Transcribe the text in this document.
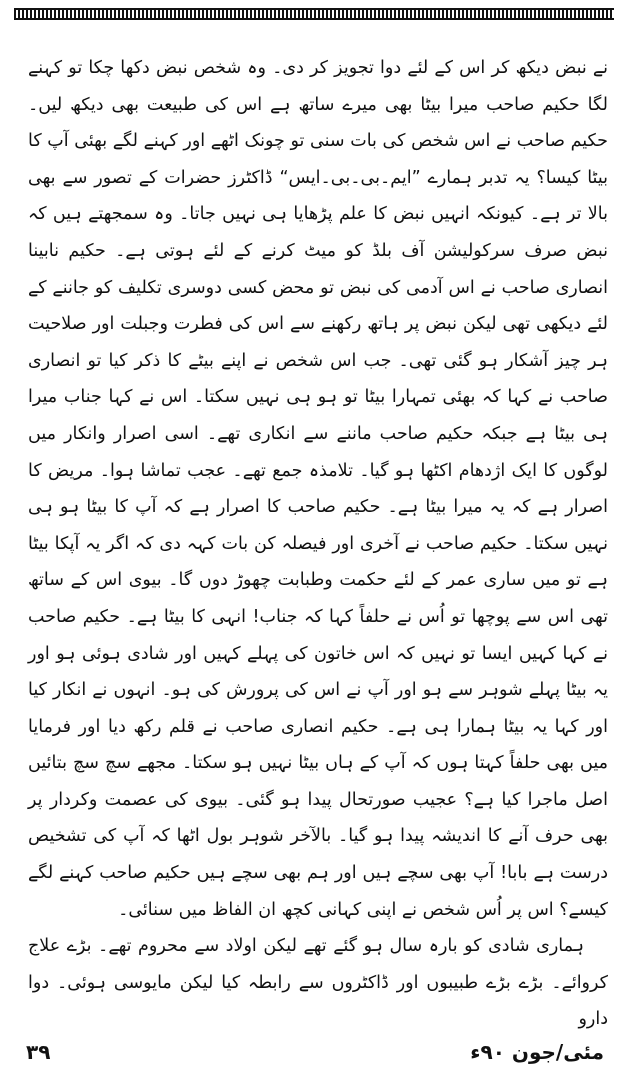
نے نبض دیکھ کر اس کے لئے دوا تجویز کر دی۔ وہ شخص نبض دکھا چکا تو کہنے لگا حکیم صاحب میرا بیٹا بھی میرے ساتھ ہے اس کی طبیعت بھی دیکھ لیں۔ حکیم صاحب نے اس شخص کی بات سنی تو چونک اٹھے اور کہنے لگے بھئی آپ کا بیٹا کیسا؟ یہ تدبر ہمارے ”ایم۔بی۔بی۔ایس“ ڈاکٹرز حضرات کے تصور سے بھی بالا تر ہے۔ کیونکہ انہیں نبض کا علم پڑھایا ہی نہیں جاتا۔ وہ سمجھتے ہیں کہ نبض صرف سرکولیشن آف بلڈ کو میٹ کرنے کے لئے ہوتی ہے۔ حکیم نابینا انصاری صاحب نے اس آدمی کی نبض تو محض کسی دوسری تکلیف کو جاننے کے لئے دیکھی تھی لیکن نبض پر ہاتھ رکھنے سے اس کی فطرت وجبلت اور صلاحیت ہر چیز آشکار ہو گئی تھی۔ جب اس شخص نے اپنے بیٹے کا ذکر کیا تو انصاری صاحب نے کہا کہ بھئی تمہارا بیٹا تو ہو ہی نہیں سکتا۔ اس نے کہا جناب میرا ہی بیٹا ہے جبکہ حکیم صاحب ماننے سے انکاری تھے۔ اسی اصرار وانکار میں لوگوں کا ایک اژدھام اکٹھا ہو گیا۔ تلامذہ جمع تھے۔ عجب تماشا ہوا۔ مریض کا اصرار ہے کہ یہ میرا بیٹا ہے۔ حکیم صاحب کا اصرار ہے کہ آپ کا بیٹا ہو ہی نہیں سکتا۔ حکیم صاحب نے آخری اور فیصلہ کن بات کہہ دی کہ اگر یہ آپکا بیٹا ہے تو میں ساری عمر کے لئے حکمت وطبابت چھوڑ دوں گا۔ بیوی اس کے ساتھ تھی اس سے پوچھا تو اُس نے حلفاً کہا کہ جناب! انہی کا بیٹا ہے۔ حکیم صاحب نے کہا کہیں ایسا تو نہیں کہ اس خاتون کی پہلے کہیں اور شادی ہوئی ہو اور یہ بیٹا پہلے شوہر سے ہو اور آپ نے اس کی پرورش کی ہو۔ انہوں نے انکار کیا اور کہا یہ بیٹا ہمارا ہی ہے۔ حکیم انصاری صاحب نے قلم رکھ دیا اور فرمایا میں بھی حلفاً کہتا ہوں کہ آپ کے ہاں بیٹا نہیں ہو سکتا۔ مجھے سچ سچ بتائیں اصل ماجرا کیا ہے؟ عجیب صورتحال پیدا ہو گئی۔ بیوی کی عصمت وکردار پر بھی حرف آنے کا اندیشہ پیدا ہو گیا۔ بالآخر شوہر بول اٹھا کہ آپ کی تشخیص درست ہے بابا! آپ بھی سچے ہیں اور ہم بھی سچے ہیں حکیم صاحب کہنے لگے کیسے؟ اس پر اُس شخص نے اپنی کہانی کچھ ان الفاظ میں سنائی۔

ہماری شادی کو بارہ سال ہو گئے تھے لیکن اولاد سے محروم تھے۔ بڑے علاج کروائے۔ بڑے بڑے طبیبوں اور ڈاکٹروں سے رابطہ کیا لیکن مایوسی ہوئی۔ دوا دارو

مئی/جون ۹۰ء
۳۹
